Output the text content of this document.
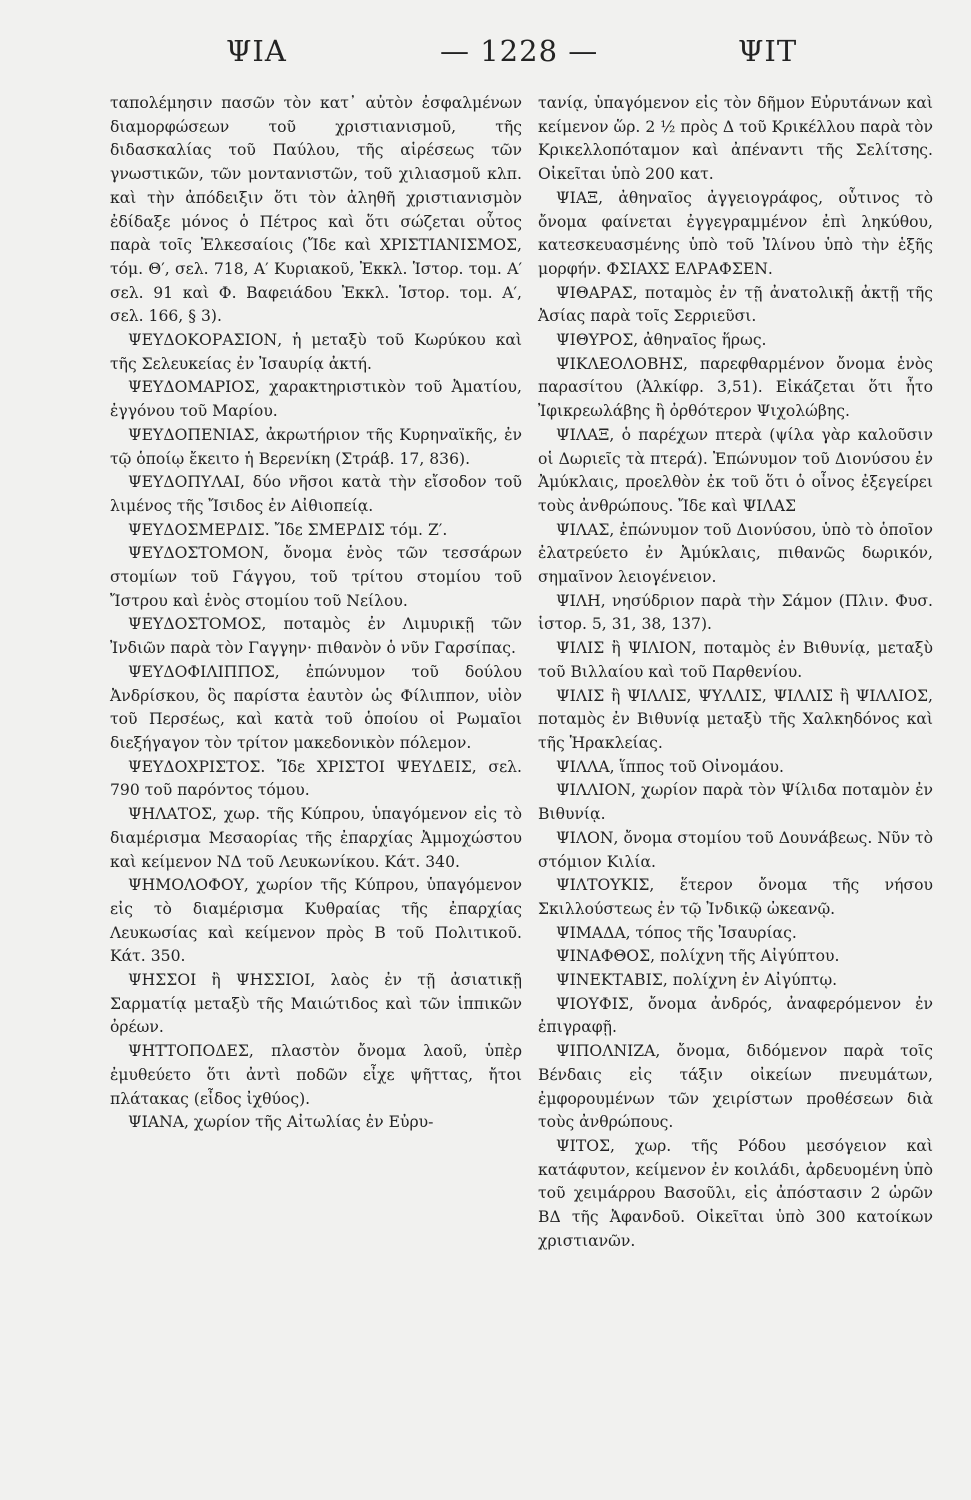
ΨΙΑ	— 1228 —	ΨΙΤ

ταπολέμησιν πασῶν τὸν κατ᾽ αὐτὸν ἐσφαλμένων διαμορφώσεων τοῦ χριστιανισμοῦ, τῆς διδασκαλίας τοῦ Παύλου, τῆς αἱρέσεως τῶν γνωστικῶν, τῶν μοντανιστῶν, τοῦ χιλιασμοῦ κλπ. καὶ τὴν ἀπόδειξιν ὅτι τὸν ἀληθῆ χριστιανισμὸν ἐδίδαξε μόνος ὁ Πέτρος καὶ ὅτι σώζεται οὗτος παρὰ τοῖς Ἐλκεσαίοις (Ἴδε καὶ ΧΡΙΣΤΙΑΝΙΣΜΟΣ, τόμ. Θ′, σελ. 718, Α′ Κυριακοῦ, Ἐκκλ. Ἱστορ. τομ. Α′ σελ. 91 καὶ Φ. Βαφειάδου Ἐκκλ. Ἱστορ. τομ. Α′, σελ. 166, § 3).

ΨΕΥΔΟΚΟΡΑΣΙΟΝ, ἡ μεταξὺ τοῦ Κωρύκου καὶ τῆς Σελευκείας ἐν Ἰσαυρίᾳ ἀκτή.

ΨΕΥΔΟΜΑΡΙΟΣ, χαρακτηριστικὸν τοῦ Ἀματίου, ἐγγόνου τοῦ Μαρίου.

ΨΕΥΔΟΠΕΝΙΑΣ, ἀκρωτήριον τῆς Κυρηναϊκῆς, ἐν τῷ ὁποίῳ ἔκειτο ἡ Βερενίκη (Στράβ. 17, 836).

ΨΕΥΔΟΠΥΛΑΙ, δύο νῆσοι κατὰ τὴν εἴσοδον τοῦ λιμένος τῆς Ἴσιδος ἐν Αἰθιοπείᾳ.

ΨΕΥΔΟΣΜΕΡΔΙΣ. Ἴδε ΣΜΕΡΔΙΣ τόμ. Ζ′.

ΨΕΥΔΟΣΤΟΜΟΝ, ὄνομα ἑνὸς τῶν τεσσάρων στομίων τοῦ Γάγγου, τοῦ τρίτου στομίου τοῦ Ἴστρου καὶ ἑνὸς στομίου τοῦ Νείλου.

ΨΕΥΔΟΣΤΟΜΟΣ, ποταμὸς ἐν Λιμυρικῇ τῶν Ἰνδιῶν παρὰ τὸν Γαγγην· πιθανὸν ὁ νῦν Γαρσίπας.

ΨΕΥΔΟΦΙΛΙΠΠΟΣ, ἐπώνυμον τοῦ δούλου Ἀνδρίσκου, ὃς παρίστα ἑαυτὸν ὡς Φίλιππον, υἱὸν τοῦ Περσέως, καὶ κατὰ τοῦ ὁποίου οἱ Ρωμαῖοι διεξήγαγον τὸν τρίτον μακεδονικὸν πόλεμον.

ΨΕΥΔΟΧΡΙΣΤΟΣ. Ἴδε ΧΡΙΣΤΟΙ ΨΕΥΔΕΙΣ, σελ. 790 τοῦ παρόντος τόμου.

ΨΗΛΑΤΟΣ, χωρ. τῆς Κύπρου, ὑπαγόμενον εἰς τὸ διαμέρισμα Μεσαορίας τῆς ἐπαρχίας Ἀμμοχώστου καὶ κείμενον ΝΔ τοῦ Λευκωνίκου. Κάτ. 340.

ΨΗΜΟΛΟΦΟΥ, χωρίον τῆς Κύπρου, ὑπαγόμενον εἰς τὸ διαμέρισμα Κυθραίας τῆς ἐπαρχίας Λευκωσίας καὶ κείμενον πρὸς Β τοῦ Πολιτικοῦ. Κάτ. 350.

ΨΗΣΣΟΙ ἢ ΨΗΣΣΙΟΙ, λαὸς ἐν τῇ ἀσιατικῇ Σαρματίᾳ μεταξὺ τῆς Μαιώτιδος καὶ τῶν ἱππικῶν ὀρέων.

ΨΗΤΤΟΠΟΔΕΣ, πλαστὸν ὄνομα λαοῦ, ὑπὲρ ἐμυθεύετο ὅτι ἀντὶ ποδῶν εἶχε ψῆττας, ἤτοι πλάτακας (εἶδος ἰχθύος).

ΨΙΑΝΑ, χωρίον τῆς Αἰτωλίας ἐν Εὐρυ-

τανίᾳ, ὑπαγόμενον εἰς τὸν δῆμον Εὐρυτάνων καὶ κείμενον ὥρ. 2 ½ πρὸς Δ τοῦ Κρικέλλου παρὰ τὸν Κρικελλοπόταμον καὶ ἀπέναντι τῆς Σελίτσης. Οἰκεῖται ὑπὸ 200 κατ.

ΨΙΑΞ, ἀθηναῖος ἀγγειογράφος, οὗτινος τὸ ὄνομα φαίνεται ἐγγεγραμμένον ἐπὶ ληκύθου, κατεσκευασμένης ὑπὸ τοῦ Ἰλίνου ὑπὸ τὴν ἑξῆς μορφήν. ΦΣΙΑΧΣ ΕΛΡΑΦΣΕΝ.

ΨΙΘΑΡΑΣ, ποταμὸς ἐν τῇ ἀνατολικῇ ἀκτῇ τῆς Ἀσίας παρὰ τοῖς Σερριεῦσι.

ΨΙΘΥΡΟΣ, ἀθηναῖος ἥρως.

ΨΙΚΛΕΟΛΟΒΗΣ, παρεφθαρμένον ὄνομα ἑνὸς παρασίτου (Ἀλκίφρ. 3,51). Εἰκάζεται ὅτι ἦτο Ἰφικρεωλάβης ἢ ὀρθότερον Ψιχολώβης.

ΨΙΛΑΞ, ὁ παρέχων πτερὰ (ψίλα γὰρ καλοῦσιν οἱ Δωριεῖς τὰ πτερά). Ἐπώνυμον τοῦ Διονύσου ἐν Ἀμύκλαις, προελθὸν ἐκ τοῦ ὅτι ὁ οἶνος ἐξεγείρει τοὺς ἀνθρώπους. Ἴδε καὶ ΨΙΛΑΣ

ΨΙΛΑΣ, ἐπώνυμον τοῦ Διονύσου, ὑπὸ τὸ ὁποῖον ἐλατρεύετο ἐν Ἀμύκλαις, πιθανῶς δωρικόν, σημαῖνον λειογένειον.

ΨΙΛΗ, νησύδριον παρὰ τὴν Σάμον (Πλιν. Φυσ. ἱστορ. 5, 31, 38, 137).

ΨΙΛΙΣ ἢ ΨΙΛΙΟΝ, ποταμὸς ἐν Βιθυνίᾳ, μεταξὺ τοῦ Βιλλαίου καὶ τοῦ Παρθενίου.

ΨΙΛΙΣ ἢ ΨΙΛΛΙΣ, ΨΥΛΛΙΣ, ΨΙΛΛΙΣ ἢ ΨΙΛΛΙΟΣ, ποταμὸς ἐν Βιθυνίᾳ μεταξὺ τῆς Χαλκηδόνος καὶ τῆς Ἡρακλείας.

ΨΙΛΛΑ, ἵππος τοῦ Οἰνομάου.

ΨΙΛΛΙΟΝ, χωρίον παρὰ τὸν Ψίλιδα ποταμὸν ἐν Βιθυνίᾳ.

ΨΙΛΟΝ, ὄνομα στομίου τοῦ Δουνάβεως. Νῦν τὸ στόμιον Κιλία.

ΨΙΛΤΟΥΚΙΣ, ἕτερον ὄνομα τῆς νήσου Σκιλλούστεως ἐν τῷ Ἰνδικῷ ὠκεανῷ.

ΨΙΜΑΔΑ, τόπος τῆς Ἰσαυρίας.

ΨΙΝΑΦΘΟΣ, πολίχνη τῆς Αἰγύπτου.

ΨΙΝΕΚΤΑΒΙΣ, πολίχνη ἐν Αἰγύπτῳ.

ΨΙΟΥΦΙΣ, ὄνομα ἀνδρός, ἀναφερόμενον ἐν ἐπιγραφῇ.

ΨΙΠΟΛΝΙΖΑ, ὄνομα, διδόμενον παρὰ τοῖς Βένδαις εἰς τάξιν οἰκείων πνευμάτων, ἐμφορουμένων τῶν χειρίστων προθέσεων διὰ τοὺς ἀνθρώπους.

ΨΙΤΟΣ, χωρ. τῆς Ρόδου μεσόγειον καὶ κατάφυτον, κείμενον ἐν κοιλάδι, ἀρδευομένη ὑπὸ τοῦ χειμάρρου Βασοῦλι, εἰς ἀπόστασιν 2 ὡρῶν ΒΔ τῆς Ἀφανδοῦ. Οἰκεῖται ὑπὸ 300 κατοίκων χριστιανῶν.
